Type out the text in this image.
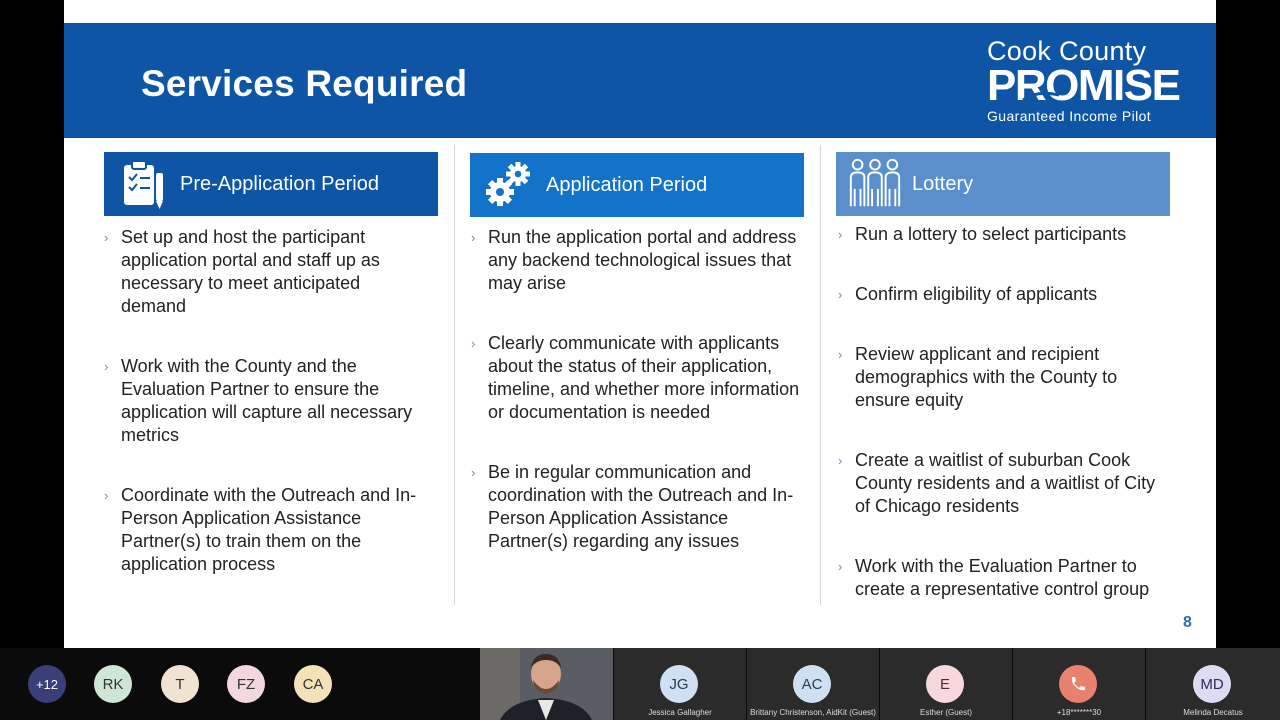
Services Required
Cook County
PROMISE
Guaranteed Income Pilot
Pre-Application Period	Application Period	Lottery
› Set up and host the participant application portal and staff up as necessary to meet anticipated demand
› Work with the County and the Evaluation Partner to ensure the application will capture all necessary metrics
› Coordinate with the Outreach and In-Person Application Assistance Partner(s) to train them on the application process
› Run the application portal and address any backend technological issues that may arise
› Clearly communicate with applicants about the status of their application, timeline, and whether more information or documentation is needed
› Be in regular communication and coordination with the Outreach and In-Person Application Assistance Partner(s) regarding any issues
› Run a lottery to select participants
› Confirm eligibility of applicants
› Review applicant and recipient demographics with the County to ensure equity
› Create a waitlist of suburban Cook County residents and a waitlist of City of Chicago residents
› Work with the Evaluation Partner to create a representative control group
8
+12	RK	T	FZ	CA	JG
Jessica Gallagher
AC
Brittany Christenson, AidKit (Guest)
E
Esther (Guest)	+18*******30
MD
Melinda Decatus
